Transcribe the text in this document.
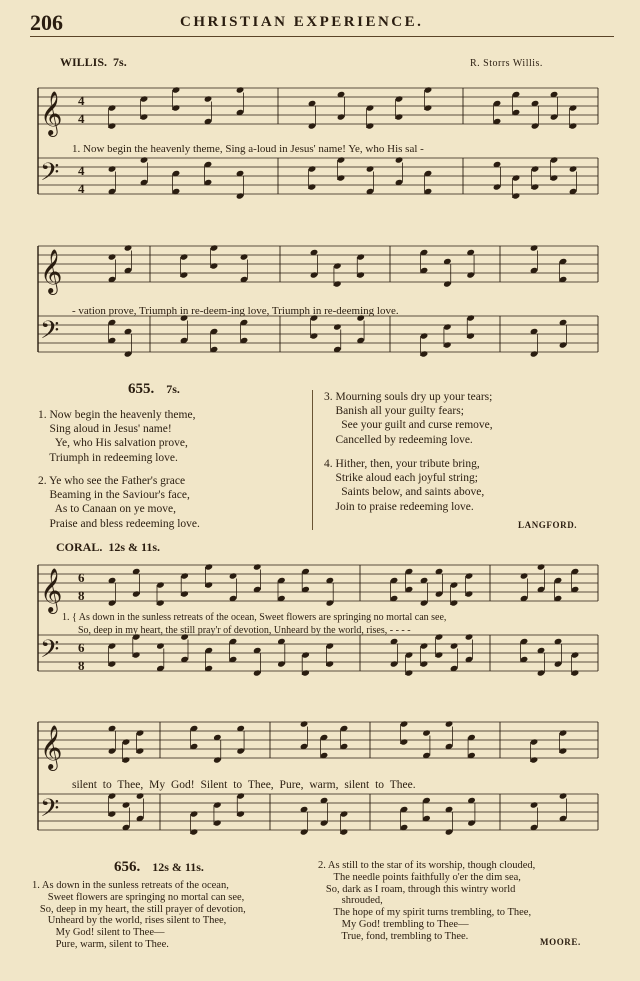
206	CHRISTIAN EXPERIENCE.
WILLIS. 7s.	R. Storrs Willis.
𝄞
𝄢
4
4
4
4
1. Now begin the heavenly theme, Sing a-loud in Jesus' name! Ye, who His sal -
𝄞
𝄢
- vation prove, Triumph in re-deem-ing love, Triumph in re-deeming love.
655. 7s.
1. Now begin the heavenly theme,
Sing aloud in Jesus' name!
Ye, who His salvation prove,
Triumph in redeeming love.
2. Ye who see the Father's grace
Beaming in the Saviour's face,
As to Canaan on ye move,
Praise and bless redeeming love.
3. Mourning souls dry up your tears;
Banish all your guilty fears;
See your guilt and curse remove,
Cancelled by redeeming love.
4. Hither, then, your tribute bring,
Strike aloud each joyful string;
Saints below, and saints above,
Join to praise redeeming love.
LANGFORD.
CORAL. 12s & 11s.
𝄞
𝄢
6
8
6
8
1. { As down in the sunless retreats of the ocean, Sweet flowers are springing no mortal can see,
So, deep in my heart, the still pray'r of devotion, Unheard by the world, rises, - - - -
𝄞
𝄢
silent to Thee, My God! Silent to Thee, Pure, warm, silent to Thee.
656. 12s & 11s.
1. As down in the sunless retreats of the ocean,
Sweet flowers are springing no mortal can see,
So, deep in my heart, the still prayer of devotion,
Unheard by the world, rises silent to Thee,
My God! silent to Thee—
Pure, warm, silent to Thee.
2. As still to the star of its worship, though clouded,
The needle points faithfully o'er the dim sea,
So, dark as I roam, through this wintry world
shrouded,
The hope of my spirit turns trembling, to Thee,
My God! trembling to Thee—
True, fond, trembling to Thee.
MOORE.
